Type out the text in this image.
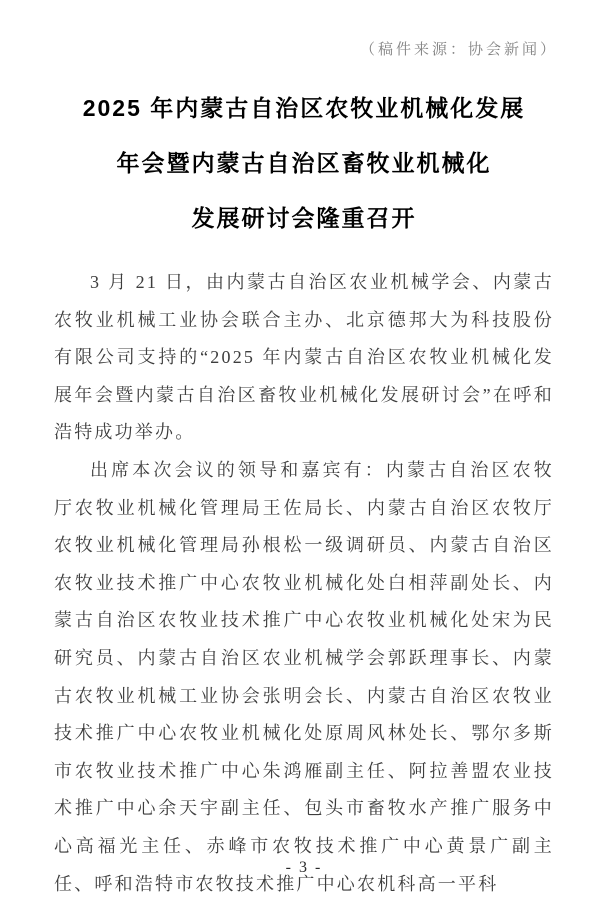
（稿件来源：协会新闻）
2025 年内蒙古自治区农牧业机械化发展
年会暨内蒙古自治区畜牧业机械化
发展研讨会隆重召开

3 月 21 日，由内蒙古自治区农业机械学会、内蒙古农牧业机械工业协会联合主办、北京德邦大为科技股份有限公司支持的“2025 年内蒙古自治区农牧业机械化发展年会暨内蒙古自治区畜牧业机械化发展研讨会”在呼和浩特成功举办。

出席本次会议的领导和嘉宾有：内蒙古自治区农牧厅农牧业机械化管理局王佐局长、内蒙古自治区农牧厅农牧业机械化管理局孙根松一级调研员、内蒙古自治区农牧业技术推广中心农牧业机械化处白相萍副处长、内蒙古自治区农牧业技术推广中心农牧业机械化处宋为民研究员、内蒙古自治区农业机械学会郭跃理事长、内蒙古农牧业机械工业协会张明会长、内蒙古自治区农牧业技术推广中心农牧业机械化处原周风林处长、鄂尔多斯市农牧业技术推广中心朱鸿雁副主任、阿拉善盟农业技术推广中心余天宇副主任、包头市畜牧水产推广服务中心高福光主任、赤峰市农牧技术推广中心黄景广副主任、呼和浩特市农牧技术推广中心农机科高一平科

- 3 -
